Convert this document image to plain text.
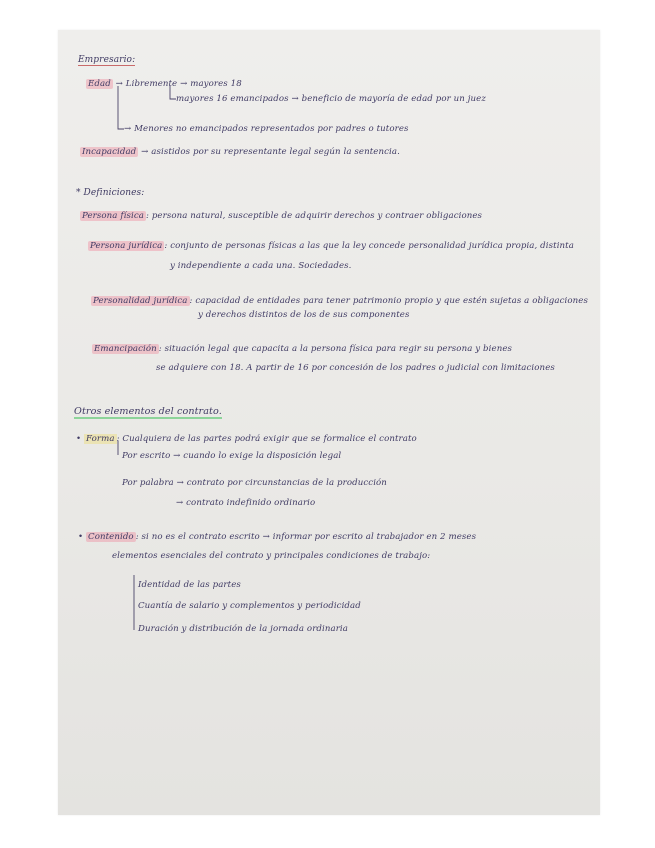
Empresario:
Edad → Libremente → mayores 18
mayores 16 emancipados → beneficio de mayoría de edad por un juez
→ Menores no emancipados representados por padres o tutores
Incapacidad → asistidos por su representante legal según la sentencia.
* Definiciones:
Persona física : persona natural, susceptible de adquirir derechos y contraer obligaciones
Persona jurídica : conjunto de personas físicas a las que la ley concede personalidad jurídica propia, distinta
y independiente a cada una. Sociedades.
Personalidad jurídica : capacidad de entidades para tener patrimonio propio y que estén sujetas a obligaciones
y derechos distintos de los de sus componentes
Emancipación : situación legal que capacita a la persona física para regir su persona y bienes
se adquiere con 18. A partir de 16 por concesión de los padres o judicial con limitaciones
Otros elementos del contrato.
• Forma : Cualquiera de las partes podrá exigir que se formalice el contrato
Por escrito → cuando lo exige la disposición legal
Por palabra → contrato por circunstancias de la producción
→ contrato indefinido ordinario
• Contenido : si no es el contrato escrito → informar por escrito al trabajador en 2 meses
elementos esenciales del contrato y principales condiciones de trabajo:
Identidad de las partes
Cuantía de salario y complementos y periodicidad
Duración y distribución de la jornada ordinaria
